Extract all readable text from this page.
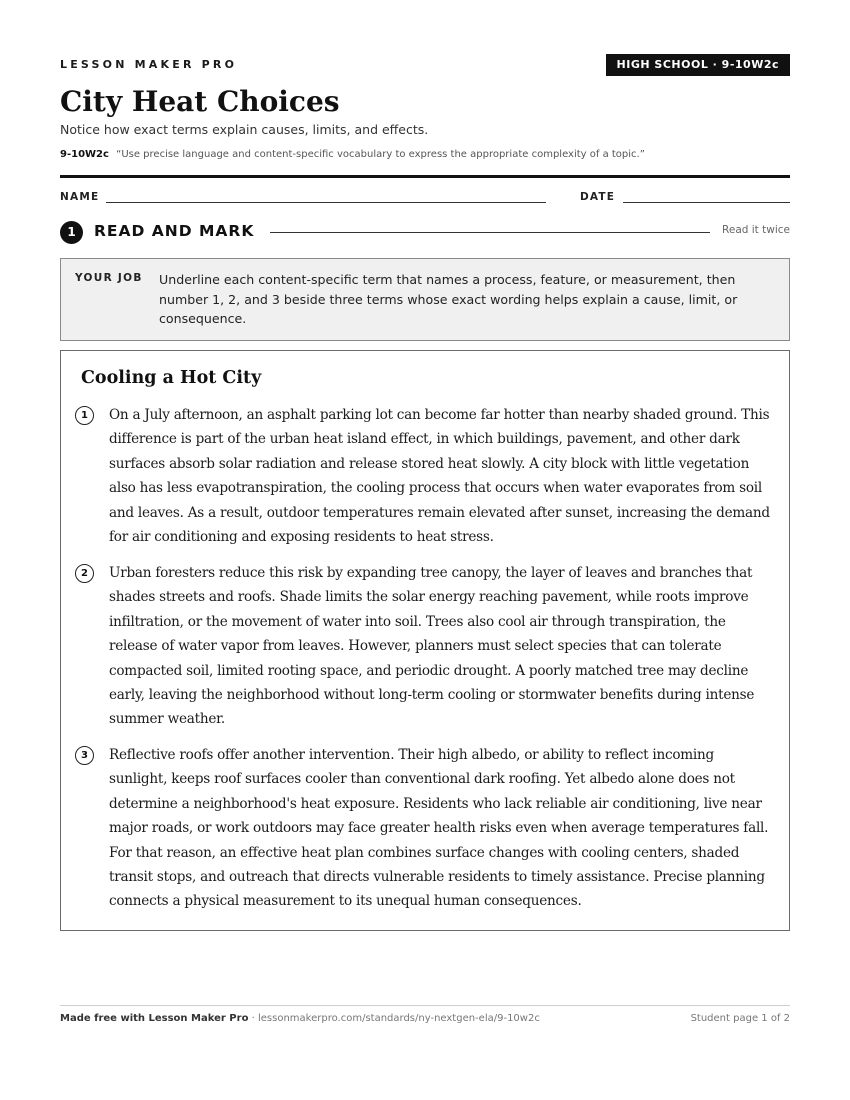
LESSON MAKER PRO	HIGH SCHOOL · 9-10W2c
City Heat Choices
Notice how exact terms explain causes, limits, and effects.
9-10W2c “Use precise language and content-specific vocabulary to express the appropriate complexity of a topic.”
NAME	DATE
1	READ AND MARK	Read it twice
YOUR JOB Underline each content-specific term that names a process, feature, or measurement, then number 1, 2, and 3 beside three terms whose exact wording helps explain a cause, limit, or consequence.
Cooling a Hot City
1	On a July afternoon, an asphalt parking lot can become far hotter than nearby shaded ground. This difference is part of the urban heat island effect, in which buildings, pavement, and other dark surfaces absorb solar radiation and release stored heat slowly. A city block with little vegetation also has less evapotranspiration, the cooling process that occurs when water evaporates from soil and leaves. As a result, outdoor temperatures remain elevated after sunset, increasing the demand for air conditioning and exposing residents to heat stress.
2	Urban foresters reduce this risk by expanding tree canopy, the layer of leaves and branches that shades streets and roofs. Shade limits the solar energy reaching pavement, while roots improve infiltration, or the movement of water into soil. Trees also cool air through transpiration, the release of water vapor from leaves. However, planners must select species that can tolerate compacted soil, limited rooting space, and periodic drought. A poorly matched tree may decline early, leaving the neighborhood without long-term cooling or stormwater benefits during intense summer weather.
3	Reflective roofs offer another intervention. Their high albedo, or ability to reflect incoming sunlight, keeps roof surfaces cooler than conventional dark roofing. Yet albedo alone does not determine a neighborhood's heat exposure. Residents who lack reliable air conditioning, live near major roads, or work outdoors may face greater health risks even when average temperatures fall. For that reason, an effective heat plan combines surface changes with cooling centers, shaded transit stops, and outreach that directs vulnerable residents to timely assistance. Precise planning connects a physical measurement to its unequal human consequences.
Made free with Lesson Maker Pro · lessonmakerpro.com/standards/ny-nextgen-ela/9-10w2c	Student page 1 of 2
